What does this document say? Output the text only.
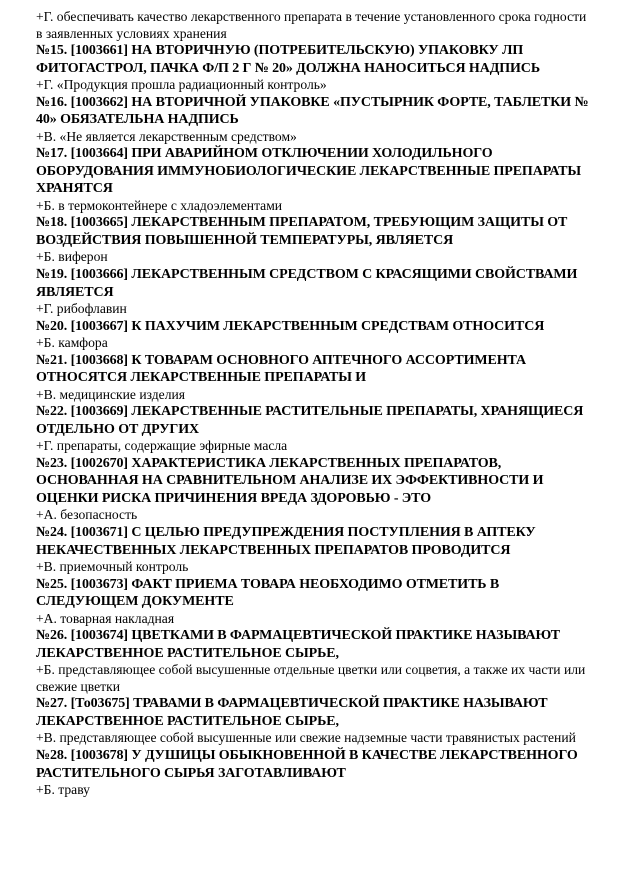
+Г. обеспечивать качество лекарственного препарата в течение установленного срока годности в заявленных условиях хранения

№15. [1003661] НА ВТОРИЧНУЮ (ПОТРЕБИТЕЛЬСКУЮ) УПАКОВКУ ЛП ФИТОГАСТРОЛ, ПАЧКА Ф/П 2 Г № 20» ДОЛЖНА НАНОСИТЬСЯ НАДПИСЬ

+Г. «Продукция прошла радиационный контроль»

№16. [1003662] НА ВТОРИЧНОЙ УПАКОВКЕ «ПУСТЫРНИК ФОРТЕ, ТАБЛЕТКИ № 40» ОБЯЗАТЕЛЬНА НАДПИСЬ

+В. «Не является лекарственным средством»

№17. [1003664] ПРИ АВАРИЙНОМ ОТКЛЮЧЕНИИ ХОЛОДИЛЬНОГО ОБОРУДОВАНИЯ ИММУНОБИОЛОГИЧЕСКИЕ ЛЕКАРСТВЕННЫЕ ПРЕПАРАТЫ ХРАНЯТСЯ

+Б. в термоконтейнере с хладоэлементами

№18. [1003665] ЛЕКАРСТВЕННЫМ ПРЕПАРАТОМ, ТРЕБУЮЩИМ ЗАЩИТЫ ОТ ВОЗДЕЙСТВИЯ ПОВЫШЕННОЙ ТЕМПЕРАТУРЫ, ЯВЛЯЕТСЯ

+Б. виферон

№19. [1003666] ЛЕКАРСТВЕННЫМ СРЕДСТВОМ С КРАСЯЩИМИ СВОЙСТВАМИ ЯВЛЯЕТСЯ

+Г. рибофлавин

№20. [1003667] К ПАХУЧИМ ЛЕКАРСТВЕННЫМ СРЕДСТВАМ ОТНОСИТСЯ

+Б. камфора

№21. [1003668] К ТОВАРАМ ОСНОВНОГО АПТЕЧНОГО АССОРТИМЕНТА ОТНОСЯТСЯ ЛЕКАРСТВЕННЫЕ ПРЕПАРАТЫ И

+В. медицинские изделия

№22. [1003669] ЛЕКАРСТВЕННЫЕ РАСТИТЕЛЬНЫЕ ПРЕПАРАТЫ, ХРАНЯЩИЕСЯ ОТДЕЛЬНО ОТ ДРУГИХ

+Г. препараты, содержащие эфирные масла

№23. [1002670] ХАРАКТЕРИСТИКА ЛЕКАРСТВЕННЫХ ПРЕПАРАТОВ, ОСНОВАННАЯ НА СРАВНИТЕЛЬНОМ АНАЛИЗЕ ИХ ЭФФЕКТИВНОСТИ И ОЦЕНКИ РИСКА ПРИЧИНЕНИЯ ВРЕДА ЗДОРОВЬЮ - ЭТО

+А. безопасность

№24. [1003671] С ЦЕЛЬЮ ПРЕДУПРЕЖДЕНИЯ ПОСТУПЛЕНИЯ В АПТЕКУ НЕКАЧЕСТВЕННЫХ ЛЕКАРСТВЕННЫХ ПРЕПАРАТОВ ПРОВОДИТСЯ

+В. приемочный контроль

№25. [1003673] ФАКТ ПРИЕМА ТОВАРА НЕОБХОДИМО ОТМЕТИТЬ В СЛЕДУЮЩЕМ ДОКУМЕНТЕ

+А. товарная накладная

№26. [1003674] ЦВЕТКАМИ В ФАРМАЦЕВТИЧЕСКОЙ ПРАКТИКЕ НАЗЫВАЮТ ЛЕКАРСТВЕННОЕ РАСТИТЕЛЬНОЕ СЫРЬЕ,

+Б. представляющее собой высушенные отдельные цветки или соцветия, а также их части или свежие цветки

№27. [То03675] ТРАВАМИ В ФАРМАЦЕВТИЧЕСКОЙ ПРАКТИКЕ НАЗЫВАЮТ ЛЕКАРСТВЕННОЕ РАСТИТЕЛЬНОЕ СЫРЬЕ,

+В. представляющее собой высушенные или свежие надземные части травянистых растений

№28. [1003678] У ДУШИЦЫ ОБЫКНОВЕННОЙ В КАЧЕСТВЕ ЛЕКАРСТВЕННОГО РАСТИТЕЛЬНОГО СЫРЬЯ ЗАГОТАВЛИВАЮТ

+Б. траву
